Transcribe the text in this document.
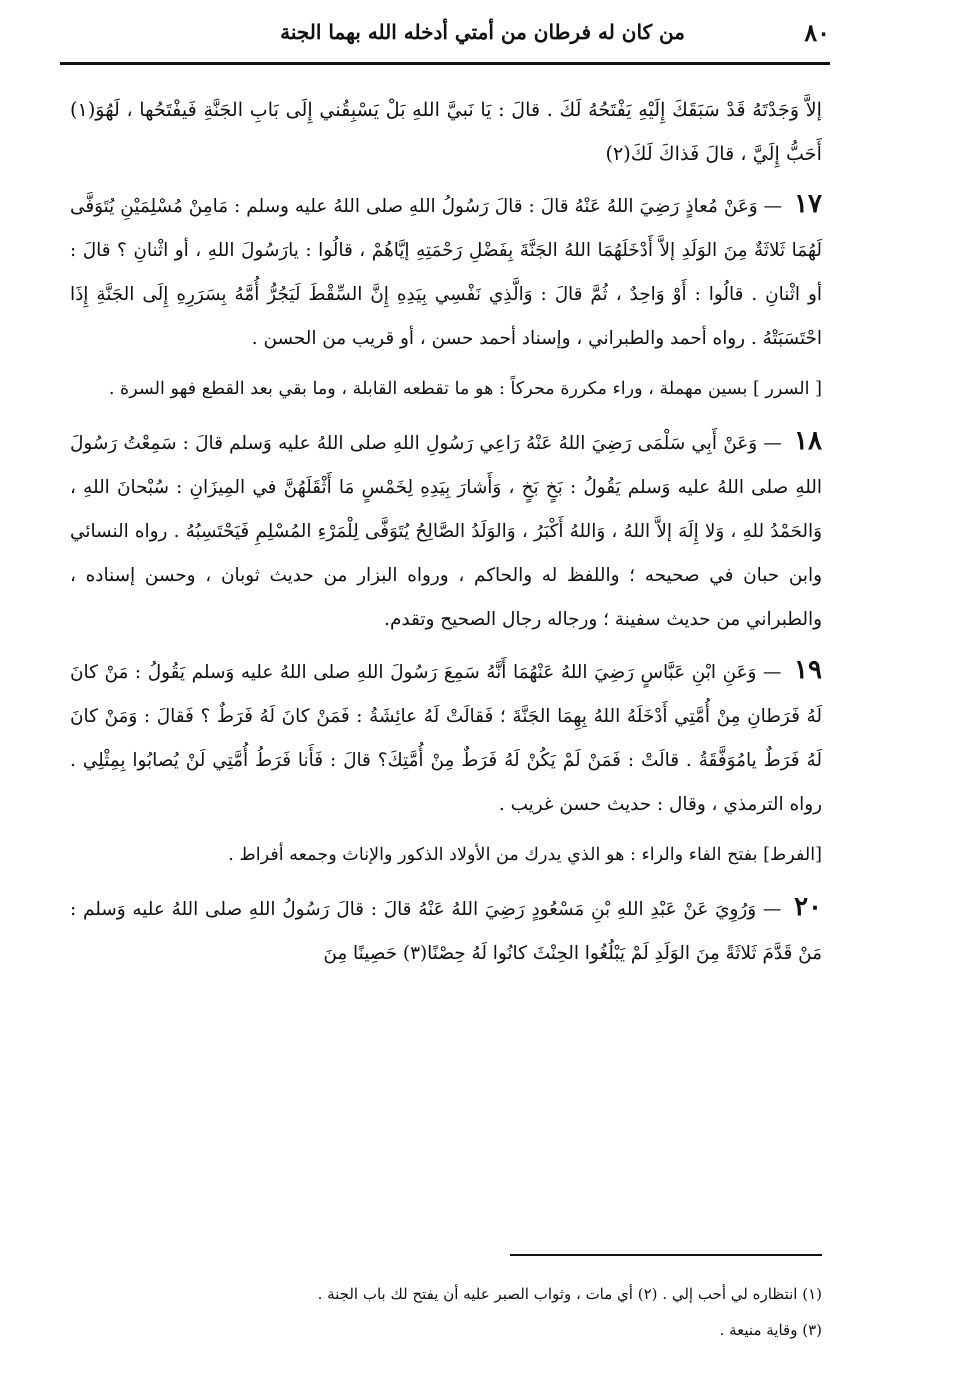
٨٠
من كان له فرطان من أمتي أدخله الله بهما الجنة

إلاَّ وَجَدْتَهُ قَدْ سَبَقَكَ إِلَيْهِ يَفْتَحُهُ لَكَ . قالَ : يَا نَبيَّ اللهِ بَلْ يَسْبِقُني إِلَى بَابِ الجَنَّةِ فَيفْتَحُها ، لَهُوَ(١) أَحَبُّ إِلَيَّ ، قالَ فَذاكَ لَكَ(٢)

١٧ — وَعَنْ مُعاذٍ رَضِيَ اللهُ عَنْهُ قالَ : قالَ رَسُولُ اللهِ صلى اللهُ عليه وسلم : مَامِنْ مُسْلِمَيْنِ يُتَوَفَّى لَهُمَا ثَلاثَةٌ مِنَ الوَلَدِ إلاَّ أَدْخَلَهُمَا اللهُ الجَنَّةَ بِفَضْلِ رَحْمَتِهِ إيَّاهُمْ ، قالُوا : يارَسُولَ اللهِ ، أو اثْنانِ ؟ قالَ : أو اثْنانِ . قالُوا : أَوْ وَاحِدٌ ، ثُمَّ قالَ : وَالَّذِي نَفْسِي بِيَدِهِ إِنَّ السِّقْطَ لَيَجُرُّ أُمَّهُ بِسَرَرِهِ إِلَى الجَنَّةِ إِذَا احْتَسَبَتْهُ . رواه أحمد والطبراني ، وإسناد أحمد حسن ، أو قريب من الحسن .

[ السرر ] بسين مهملة ، وراء مكررة محركاً : هو ما تقطعه القابلة ، وما بقي بعد القطع فهو السرة .

١٨ — وَعَنْ أَبِي سَلْمَى رَضِيَ اللهُ عَنْهُ رَاعِي رَسُولِ اللهِ صلى اللهُ عليه وَسلم قالَ : سَمِعْتُ رَسُولَ اللهِ صلى اللهُ عليه وَسلم يَقُولُ : بَخٍ بَخٍ ، وَأَشارَ بِيَدِهِ لِخَمْسٍ مَا أَثْقَلَهُنَّ في المِيزَانِ : سُبْحانَ اللهِ ، وَالحَمْدُ للهِ ، وَلا إِلَهَ إلاَّ اللهُ ، وَاللهُ أَكْبَرُ ، وَالوَلَدُ الصَّالِحُ يُتَوَفَّى لِلْمَرْءِ المُسْلِمِ فَيَحْتَسِبُهُ . رواه النسائي وابن حبان في صحيحه ؛ واللفظ له والحاكم ، ورواه البزار من حديث ثوبان ، وحسن إسناده ، والطبراني من حديث سفينة ؛ ورجاله رجال الصحيح وتقدم.

١٩ — وَعَنِ ابْنِ عَبَّاسٍ رَضِيَ اللهُ عَنْهُمَا أَنَّهُ سَمِعَ رَسُولَ اللهِ صلى اللهُ عليه وَسلم يَقُولُ : مَنْ كانَ لَهُ فَرَطانِ مِنْ أُمَّتِي أَدْخَلَهُ اللهُ بِهِمَا الجَنَّةَ ؛ فَقالَتْ لَهُ عائِشَةُ : فَمَنْ كانَ لَهُ فَرَطٌ ؟ فَقالَ : وَمَنْ كانَ لَهُ فَرَطٌ يامُوَفَّقَةُ . قالَتْ : فَمَنْ لَمْ يَكُنْ لَهُ فَرَطٌ مِنْ أُمَّتِكَ؟ قالَ : فَأَنا فَرَطُ أُمَّتِي لَنْ يُصابُوا بِمِثْلِي . رواه الترمذي ، وقال : حديث حسن غريب .

[الفرط] بفتح الفاء والراء : هو الذي يدرك من الأولاد الذكور والإناث وجمعه أفراط .

٢٠ — وَرُوِيَ عَنْ عَبْدِ اللهِ بْنِ مَسْعُودٍ رَضِيَ اللهُ عَنْهُ قالَ : قالَ رَسُولُ اللهِ صلى اللهُ عليه وَسلم : مَنْ قَدَّمَ ثَلاثَةً مِنَ الوَلَدِ لَمْ يَبْلُغُوا الحِنْثَ كانُوا لَهُ حِصْنًا(٣) حَصِينًا مِنَ

(١) انتظاره لي أحب إلي . (٢) أي مات ، وثواب الصبر عليه أن يفتح لك باب الجنة .
(٣) وقاية منيعة .
